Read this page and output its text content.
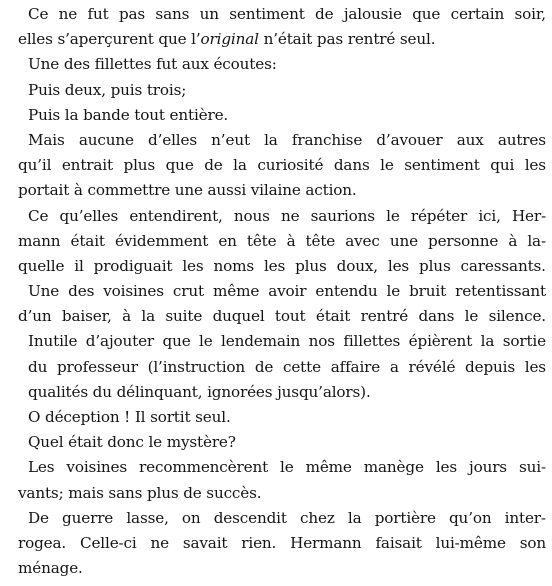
Ce ne fut pas sans un sentiment de jalousie que certain soir,
elles s’aperçurent que l’original n’était pas rentré seul.
Une des fillettes fut aux écoutes:
Puis deux, puis trois;
Puis la bande tout entière.
Mais aucune d’elles n’eut la franchise d’avouer aux autres
qu’il entrait plus que de la curiosité dans le sentiment qui les
portait à commettre une aussi vilaine action.
Ce qu’elles entendirent, nous ne saurions le répéter ici, Her-
mann était évidemment en tête à tête avec une personne à la-
quelle il prodiguait les noms les plus doux, les plus caressants.
Une des voisines crut même avoir entendu le bruit retentissant
d’un baiser, à la suite duquel tout était rentré dans le silence.
Inutile d’ajouter que le lendemain nos fillettes épièrent la sortie
du professeur (l’instruction de cette affaire a révélé depuis les
qualités du délinquant, ignorées jusqu’alors).
O déception ! Il sortit seul.
Quel était donc le mystère?
Les voisines recommencèrent le même manège les jours sui-
vants; mais sans plus de succès.
De guerre lasse, on descendit chez la portière qu’on inter-
rogea. Celle-ci ne savait rien. Hermann faisait lui-même son
ménage.
